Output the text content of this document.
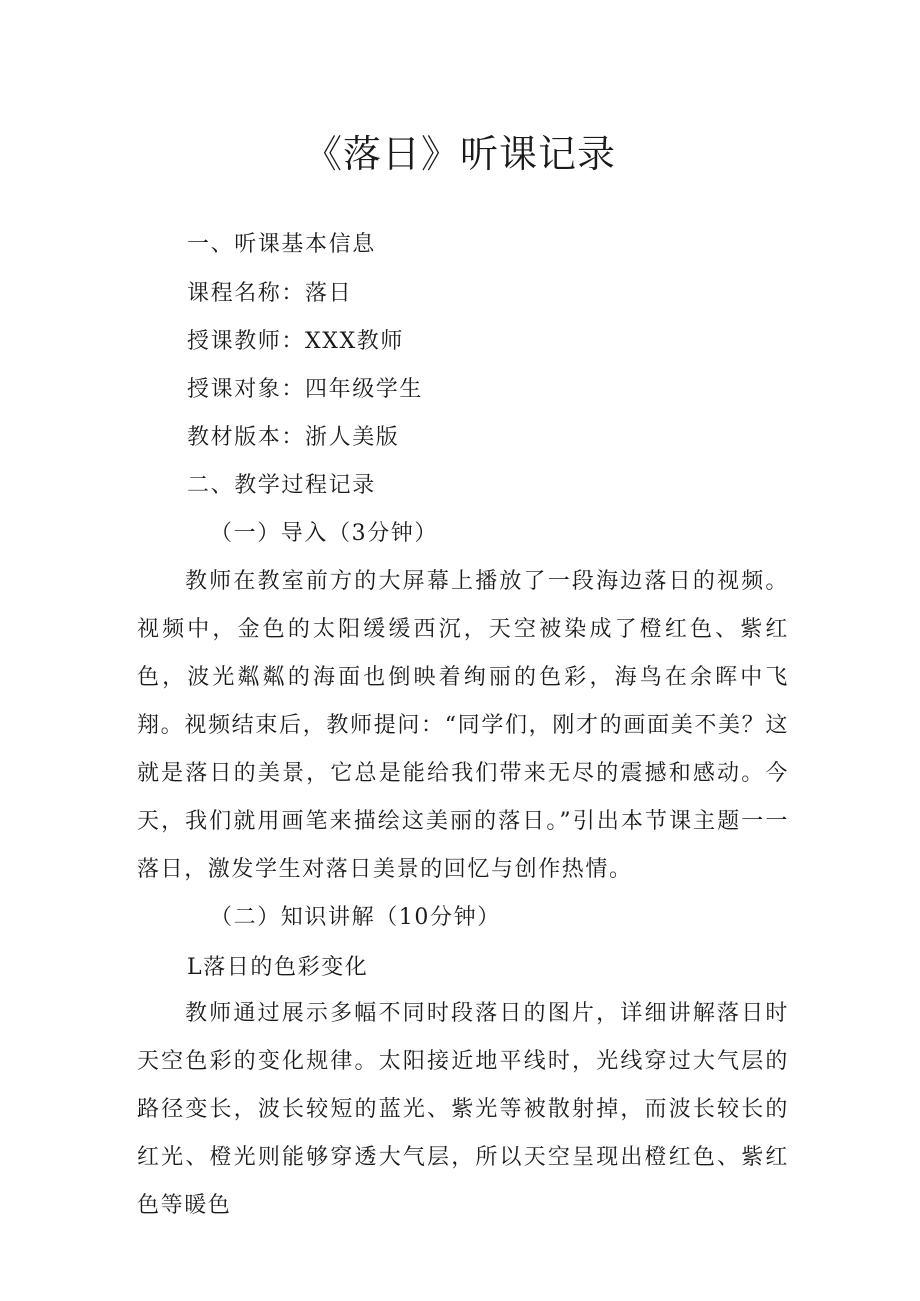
《落日》听课记录
一、听课基本信息
课程名称：落日
授课教师：XXX教师
授课对象：四年级学生
教材版本：浙人美版
二、教学过程记录
（一）导入（3分钟）

教师在教室前方的大屏幕上播放了一段海边落日的视频。视频中，金色的太阳缓缓西沉，天空被染成了橙红色、紫红色，波光粼粼的海面也倒映着绚丽的色彩，海鸟在余晖中飞翔。视频结束后，教师提问：“同学们，刚才的画面美不美？这就是落日的美景，它总是能给我们带来无尽的震撼和感动。今天，我们就用画笔来描绘这美丽的落日。”引出本节课主题一一落日，激发学生对落日美景的回忆与创作热情。

（二）知识讲解（10分钟）
L落日的色彩变化

教师通过展示多幅不同时段落日的图片，详细讲解落日时天空色彩的变化规律。太阳接近地平线时，光线穿过大气层的路径变长，波长较短的蓝光、紫光等被散射掉，而波长较长的红光、橙光则能够穿透大气层，所以天空呈现出橙红色、紫红色等暖色
